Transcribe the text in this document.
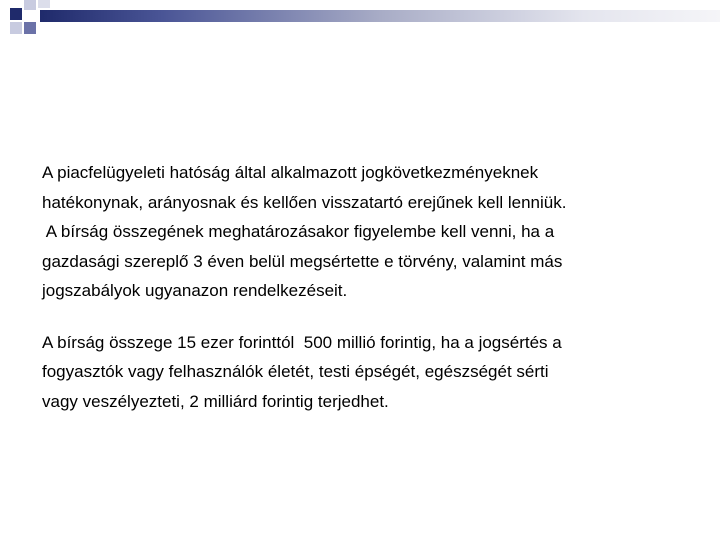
A piacfelügyeleti hatóság által alkalmazott jogkövetkezményeknek

hatékonynak, arányosnak és kellően visszatartó erejűnek kell lenniük.

A bírság összegének meghatározásakor figyelembe kell venni, ha a

gazdasági szereplő 3 éven belül megsértette e törvény, valamint más

jogszabályok ugyanazon rendelkezéseit.

A bírság összege 15 ezer forinttól  500 millió forintig, ha a jogsértés a

fogyasztók vagy felhasználók életét, testi épségét, egészségét sérti

vagy veszélyezteti, 2 milliárd forintig terjedhet.
